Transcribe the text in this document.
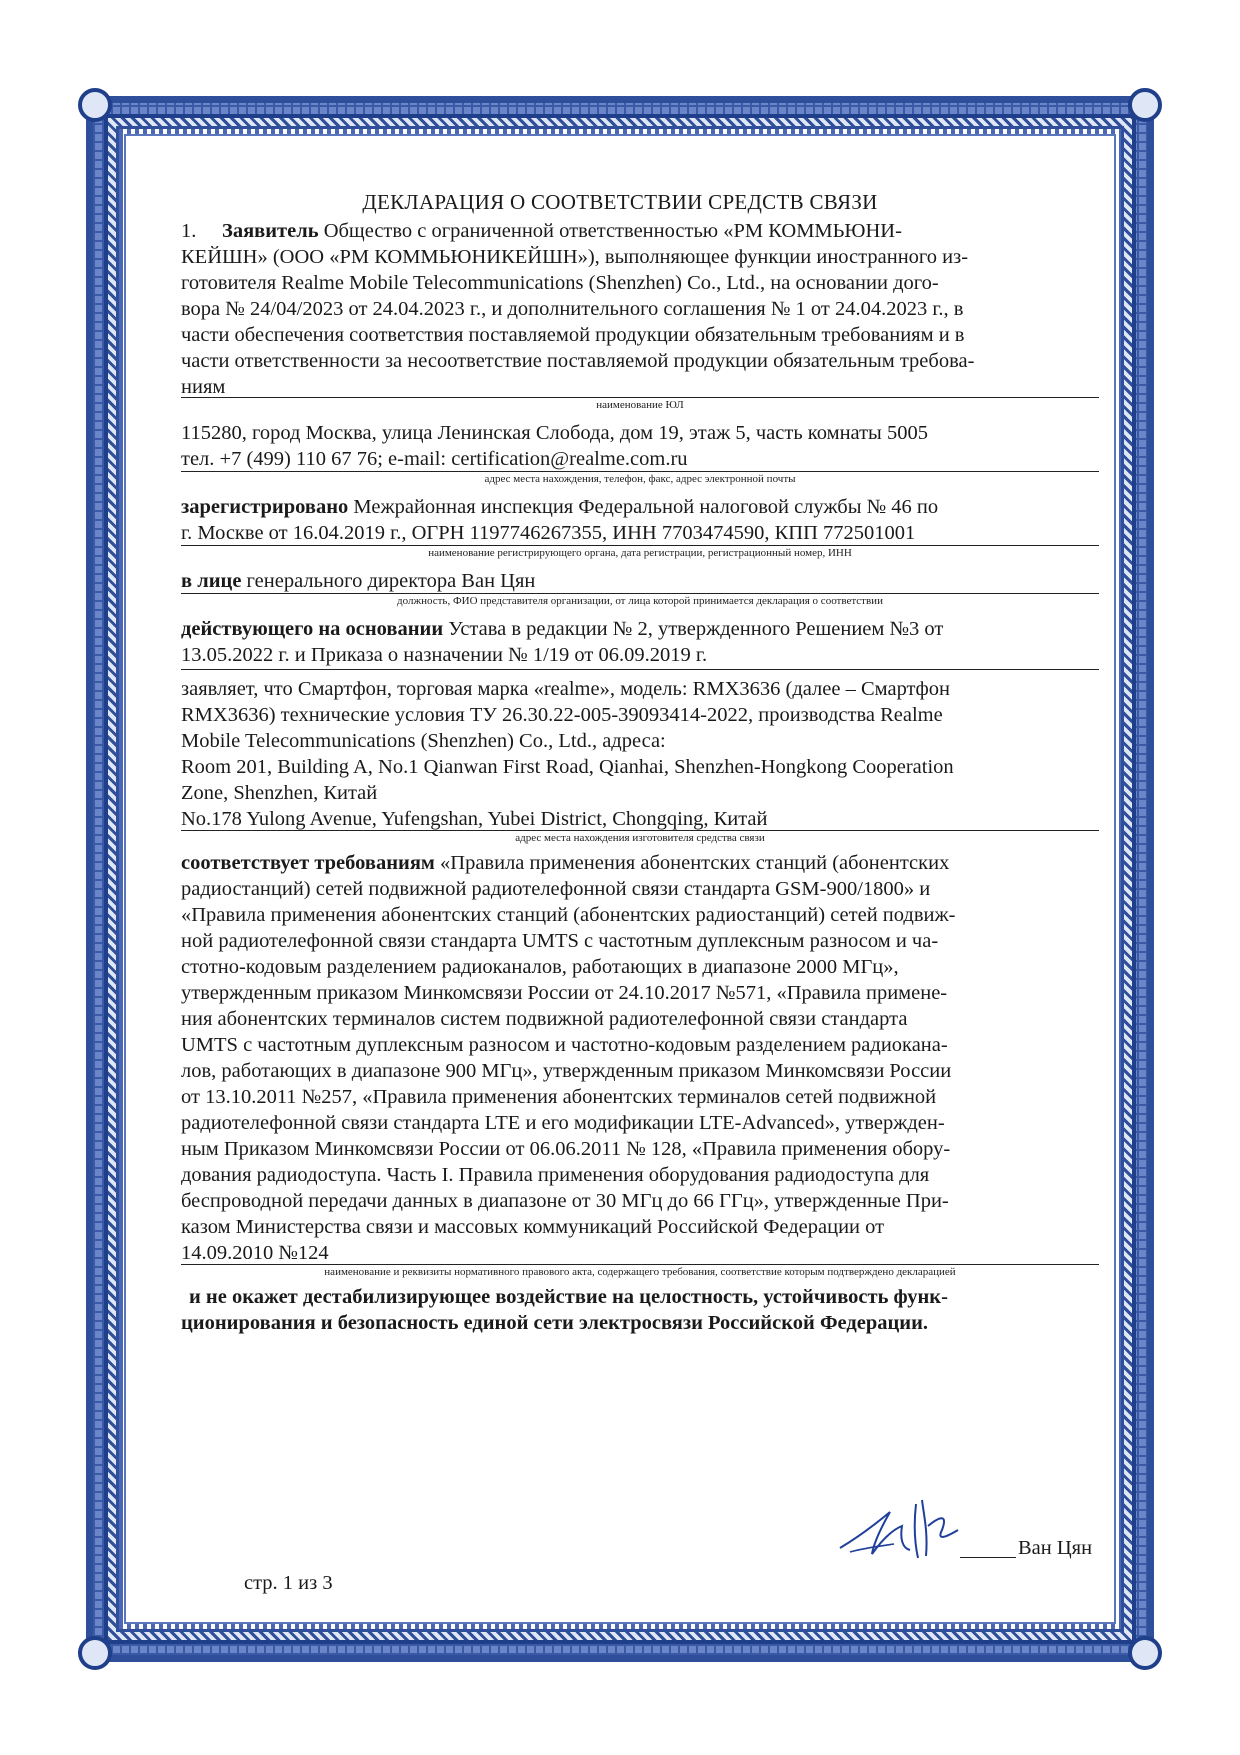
ДЕКЛАРАЦИЯ О СООТВЕТСТВИИ СРЕДСТВ СВЯЗИ
1. Заявитель Общество с ограниченной ответственностью «РМ КОММЬЮНИ-
КЕЙШН» (ООО «РМ КОММЬЮНИКЕЙШН»), выполняющее функции иностранного из-
готовителя Realme Mobile Telecommunications (Shenzhen) Co., Ltd., на основании дого-
вора № 24/04/2023 от 24.04.2023 г., и дополнительного соглашения № 1 от 24.04.2023 г., в
части обеспечения соответствия поставляемой продукции обязательным требованиям и в
части ответственности за несоответствие поставляемой продукции обязательным требова-
ниям
наименование ЮЛ
115280, город Москва, улица Ленинская Слобода, дом 19, этаж 5, часть комнаты 5005
тел. +7 (499) 110 67 76; e-mail: certification@realme.com.ru
адрес места нахождения, телефон, факс, адрес электронной почты
зарегистрировано Межрайонная инспекция Федеральной налоговой службы № 46 по
г. Москве от 16.04.2019 г., ОГРН 1197746267355, ИНН 7703474590, КПП 772501001
наименование регистрирующего органа, дата регистрации, регистрационный номер, ИНН
в лице генерального директора Ван Цян
должность, ФИО представителя организации, от лица которой принимается декларация о соответствии
действующего на основании Устава в редакции № 2, утвержденного Решением №3 от
13.05.2022 г. и Приказа о назначении № 1/19 от 06.09.2019 г.
заявляет, что Смартфон, торговая марка «realme», модель: RMX3636 (далее – Смартфон
RMX3636) технические условия ТУ 26.30.22-005-39093414-2022, производства Realme
Mobile Telecommunications (Shenzhen) Co., Ltd., адреса:
Room 201, Building A, No.1 Qianwan First Road, Qianhai, Shenzhen-Hongkong Cooperation
Zone, Shenzhen, Китай
No.178 Yulong Avenue, Yufengshan, Yubei District, Chongqing, Китай
адрес места нахождения изготовителя средства связи
соответствует требованиям «Правила применения абонентских станций (абонентских
радиостанций) сетей подвижной радиотелефонной связи стандарта GSM-900/1800» и
«Правила применения абонентских станций (абонентских радиостанций) сетей подвиж-
ной радиотелефонной связи стандарта UMTS с частотным дуплексным разносом и ча-
стотно-кодовым разделением радиоканалов, работающих в диапазоне 2000 МГц»,
утвержденным приказом Минкомсвязи России от 24.10.2017 №571, «Правила примене-
ния абонентских терминалов систем подвижной радиотелефонной связи стандарта
UMTS с частотным дуплексным разносом и частотно-кодовым разделением радиокана-
лов, работающих в диапазоне 900 МГц», утвержденным приказом Минкомсвязи России
от 13.10.2011 №257, «Правила применения абонентских терминалов сетей подвижной
радиотелефонной связи стандарта LTE и его модификации LTE-Advanced», утвержден-
ным Приказом Минкомсвязи России от 06.06.2011 № 128, «Правила применения обору-
дования радиодоступа. Часть I. Правила применения оборудования радиодоступа для
беспроводной передачи данных в диапазоне от 30 МГц до 66 ГГц», утвержденные При-
казом Министерства связи и массовых коммуникаций Российской Федерации от
14.09.2010 №124
наименование и реквизиты нормативного правового акта, содержащего требования, соответствие которым подтверждено декларацией
и не окажет дестабилизирующее воздействие на целостность, устойчивость функ-
ционирования и безопасность единой сети электросвязи Российской Федерации.
Ван Цян
стр. 1 из 3
